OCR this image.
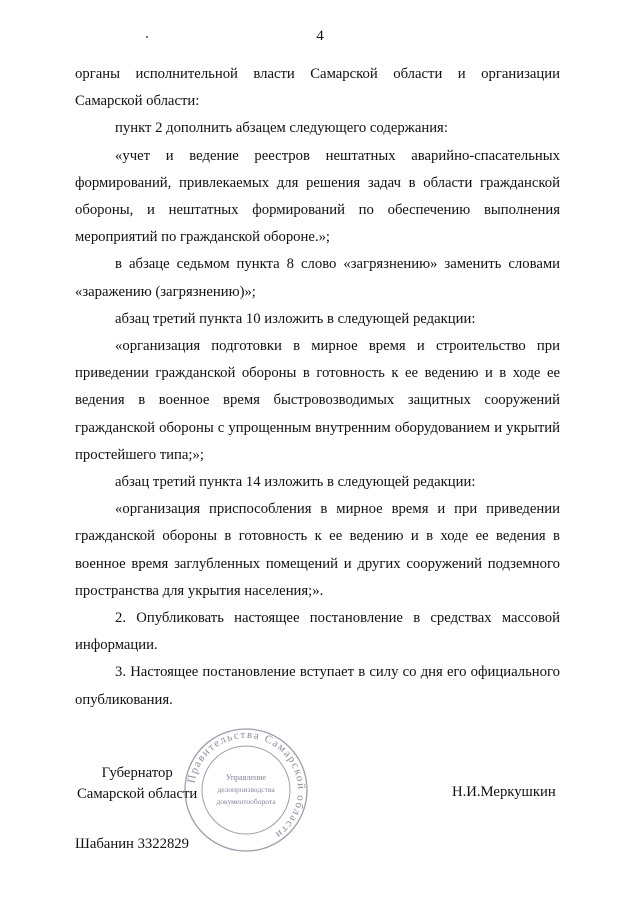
4

органы исполнительной власти Самарской области и организации Самарской области:

пункт 2 дополнить абзацем следующего содержания:

«учет и ведение реестров нештатных аварийно-спасательных формирований, привлекаемых для решения задач в области гражданской обороны, и нештатных формирований по обеспечению выполнения мероприятий по гражданской обороне.»;

в абзаце седьмом пункта 8 слово «загрязнению» заменить словами «заражению (загрязнению)»;

абзац третий пункта 10 изложить в следующей редакции:

«организация подготовки в мирное время и строительство при приведении гражданской обороны в готовность к ее ведению и в ходе ее ведения в военное время быстровозводимых защитных сооружений гражданской обороны с упрощенным внутренним оборудованием и укрытий простейшего типа;»;

абзац третий пункта 14 изложить в следующей редакции:

«организация приспособления в мирное время и при приведении гражданской обороны в готовность к ее ведению и в ходе ее ведения в военное время заглубленных помещений и других сооружений подземного пространства для укрытия населения;».

2. Опубликовать настоящее постановление в средствах массовой информации.

3. Настоящее постановление вступает в силу со дня его официального опубликования.

Губернатор
Самарской области
Правительства Самарской области
Управление
делопроизводства
документооборота
Н.И.Меркушкин
Шабанин 3322829
